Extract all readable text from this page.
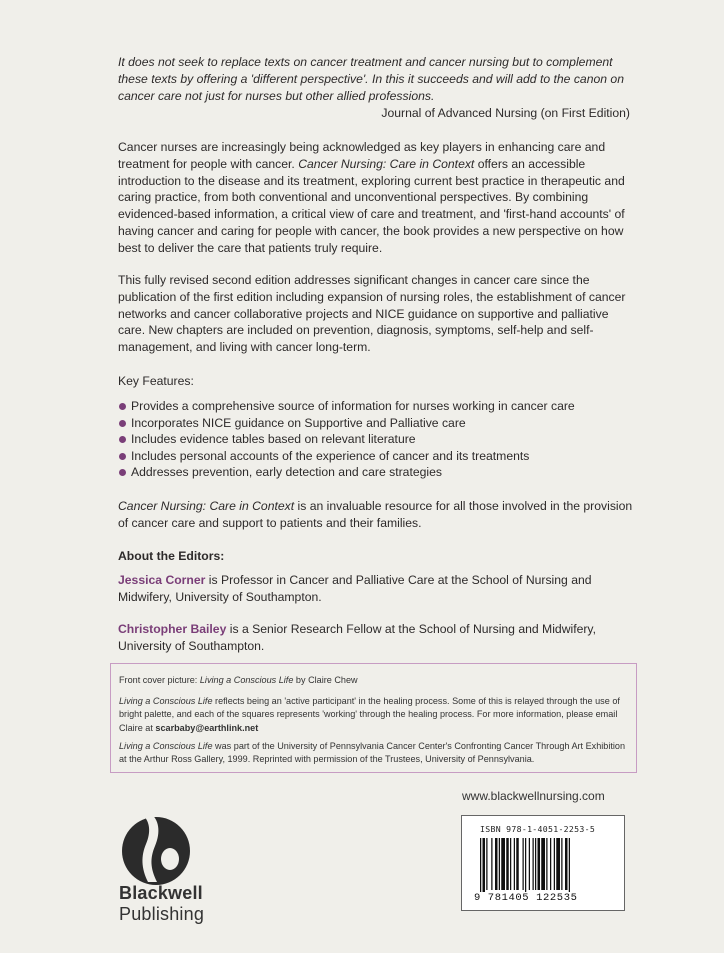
It does not seek to replace texts on cancer treatment and cancer nursing but to complement these texts by offering a 'different perspective'. In this it succeeds and will add to the canon on cancer care not just for nurses but other allied professions.
Journal of Advanced Nursing (on First Edition)
Cancer nurses are increasingly being acknowledged as key players in enhancing care and treatment for people with cancer. Cancer Nursing: Care in Context offers an accessible introduction to the disease and its treatment, exploring current best practice in therapeutic and caring practice, from both conventional and unconventional perspectives. By combining evidenced-based information, a critical view of care and treatment, and 'first-hand accounts' of having cancer and caring for people with cancer, the book provides a new perspective on how best to deliver the care that patients truly require.
This fully revised second edition addresses significant changes in cancer care since the publication of the first edition including expansion of nursing roles, the establishment of cancer networks and cancer collaborative projects and NICE guidance on supportive and palliative care. New chapters are included on prevention, diagnosis, symptoms, self-help and self-management, and living with cancer long-term.
Key Features:
Provides a comprehensive source of information for nurses working in cancer care
Incorporates NICE guidance on Supportive and Palliative care
Includes evidence tables based on relevant literature
Includes personal accounts of the experience of cancer and its treatments
Addresses prevention, early detection and care strategies
Cancer Nursing: Care in Context is an invaluable resource for all those involved in the provision of cancer care and support to patients and their families.
About the Editors:
Jessica Corner is Professor in Cancer and Palliative Care at the School of Nursing and Midwifery, University of Southampton.
Christopher Bailey is a Senior Research Fellow at the School of Nursing and Midwifery, University of Southampton.
Front cover picture: Living a Conscious Life by Claire Chew
Living a Conscious Life reflects being an 'active participant' in the healing process. Some of this is relayed through the use of bright palette, and each of the squares represents 'working' through the healing process. For more information, please email Claire at scarbaby@earthlink.net
Living a Conscious Life was part of the University of Pennsylvania Cancer Center's Confronting Cancer Through Art Exhibition at the Arthur Ross Gallery, 1999. Reprinted with permission of the Trustees, University of Pennsylvania.
www.blackwellnursing.com
Blackwell
Publishing
ISBN 978-1-4051-2253-5
9 781405 122535
